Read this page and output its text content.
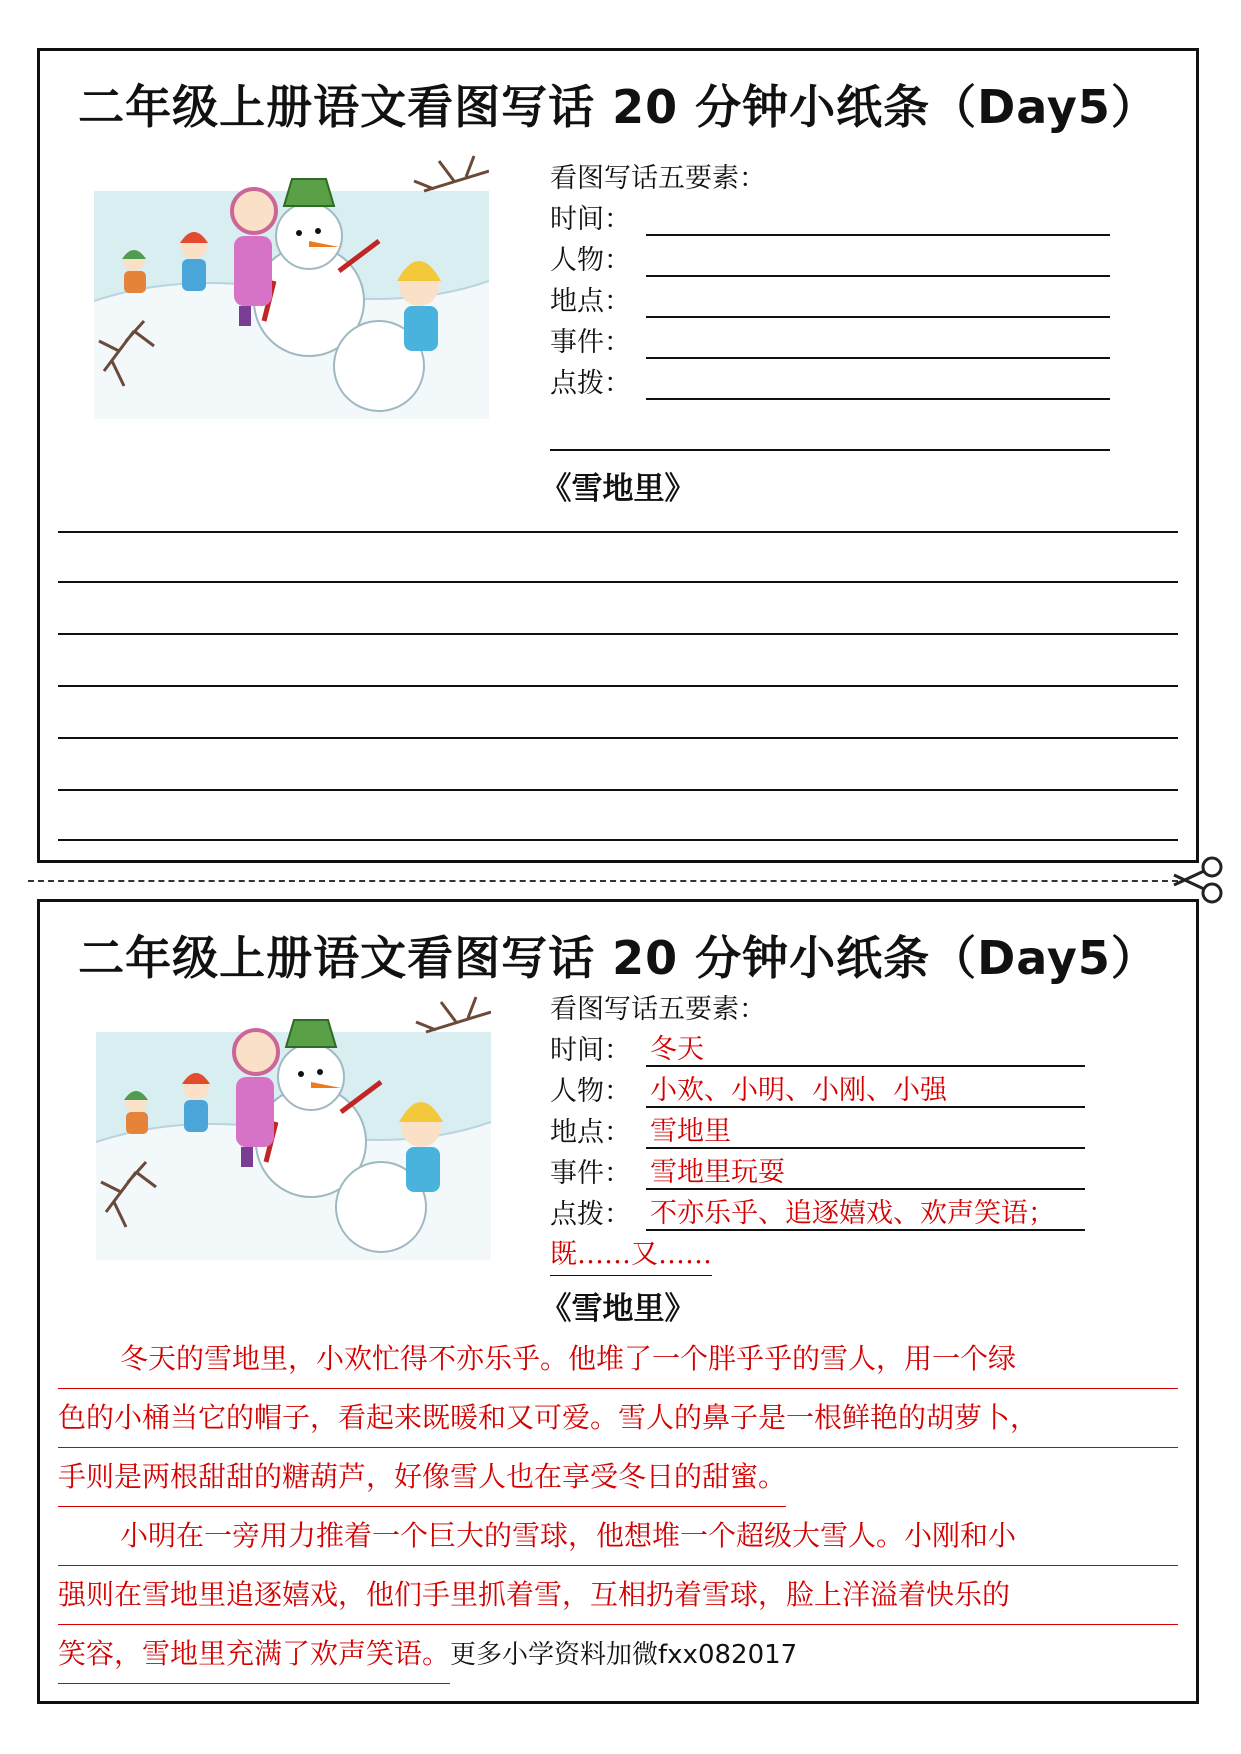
二年级上册语文看图写话 20 分钟小纸条（Day5）
看图写话五要素：
时间：
人物：
地点：
事件：
点拨：
《雪地里》
二年级上册语文看图写话 20 分钟小纸条（Day5）
看图写话五要素：
时间： 冬天
人物： 小欢、小明、小刚、小强
地点： 雪地里
事件： 雪地里玩耍
点拨： 不亦乐乎、追逐嬉戏、欢声笑语；
既……又……
《雪地里》

冬天的雪地里，小欢忙得不亦乐乎。他堆了一个胖乎乎的雪人，用一个绿
色的小桶当它的帽子，看起来既暖和又可爱。雪人的鼻子是一根鲜艳的胡萝卜，
手则是两根甜甜的糖葫芦，好像雪人也在享受冬日的甜蜜。

小明在一旁用力推着一个巨大的雪球，他想堆一个超级大雪人。小刚和小
强则在雪地里追逐嬉戏，他们手里抓着雪，互相扔着雪球，脸上洋溢着快乐的
笑容，雪地里充满了欢声笑语。更多小学资料加微fxx082017
